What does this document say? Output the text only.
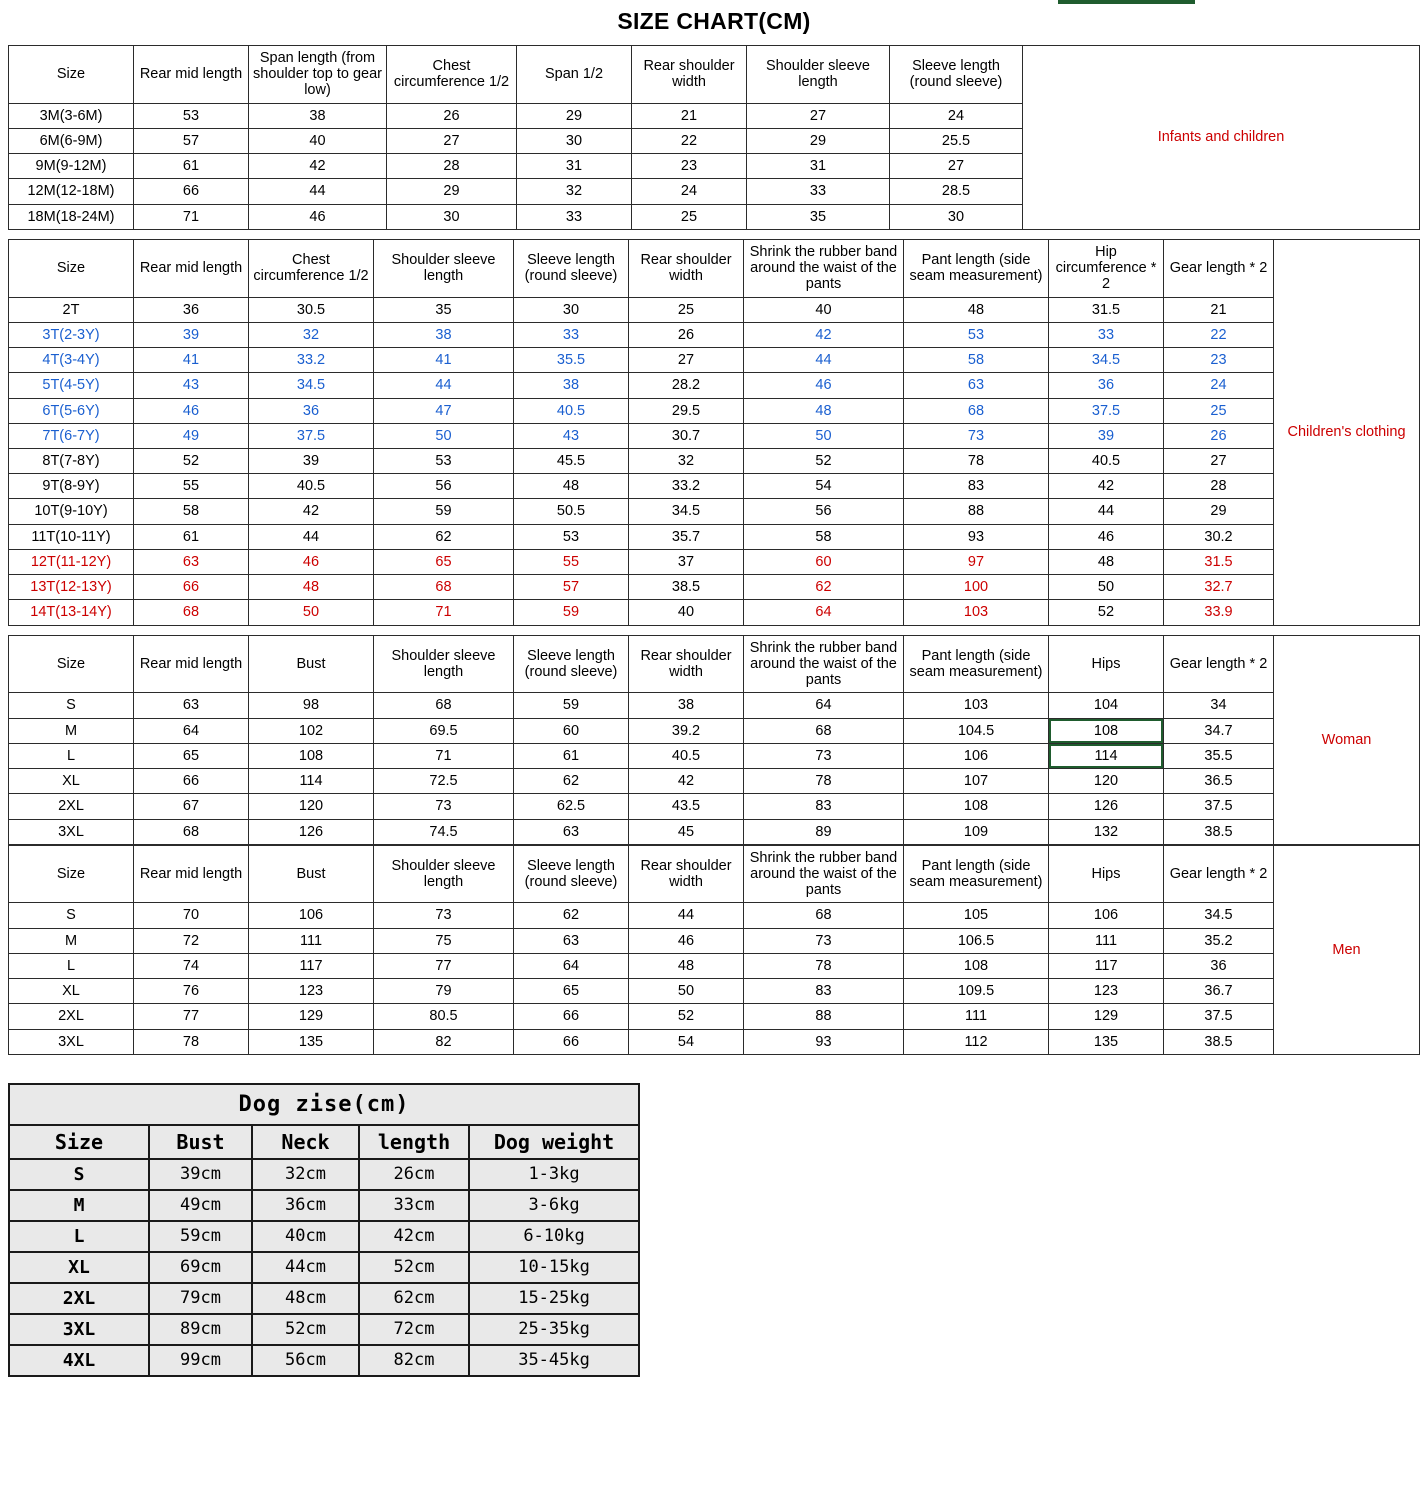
SIZE CHART(CM)
Size	Rear mid length	Span length (from shoulder top to gear low)	Chest circumference 1/2	Span 1/2	Rear shoulder width	Shoulder sleeve length	Sleeve length (round sleeve)	Infants and children
3M(3-6M)	53	38	26	29	21	27	24	
6M(6-9M)	57	40	27	30	22	29	25.5	
9M(9-12M)	61	42	28	31	23	31	27	
12M(12-18M)	66	44	29	32	24	33	28.5	
18M(18-24M)	71	46	30	33	25	35	30	
Size	Rear mid length	Chest circumference 1/2	Shoulder sleeve length	Sleeve length (round sleeve)	Rear shoulder width	Shrink the rubber band around the waist of the pants	Pant length (side seam measurement)	Hip circumference * 2	Gear length * 2	Children's clothing
2T	36	30.5	35	30	25	40	48	31.5	21	
3T(2-3Y)	39	32	38	33	26	42	53	33	22	
4T(3-4Y)	41	33.2	41	35.5	27	44	58	34.5	23	
5T(4-5Y)	43	34.5	44	38	28.2	46	63	36	24	
6T(5-6Y)	46	36	47	40.5	29.5	48	68	37.5	25	
7T(6-7Y)	49	37.5	50	43	30.7	50	73	39	26	
8T(7-8Y)	52	39	53	45.5	32	52	78	40.5	27	
9T(8-9Y)	55	40.5	56	48	33.2	54	83	42	28	
10T(9-10Y)	58	42	59	50.5	34.5	56	88	44	29	
11T(10-11Y)	61	44	62	53	35.7	58	93	46	30.2	
12T(11-12Y)	63	46	65	55	37	60	97	48	31.5	
13T(12-13Y)	66	48	68	57	38.5	62	100	50	32.7	
14T(13-14Y)	68	50	71	59	40	64	103	52	33.9	
Size	Rear mid length	Bust	Shoulder sleeve length	Sleeve length (round sleeve)	Rear shoulder width	Shrink the rubber band around the waist of the pants	Pant length (side seam measurement)	Hips	Gear length * 2	Woman
S	63	98	68	59	38	64	103	104	34	
M	64	102	69.5	60	39.2	68	104.5	108	34.7	
L	65	108	71	61	40.5	73	106	114	35.5	
XL	66	114	72.5	62	42	78	107	120	36.5	
2XL	67	120	73	62.5	43.5	83	108	126	37.5	
3XL	68	126	74.5	63	45	89	109	132	38.5	
Size	Rear mid length	Bust	Shoulder sleeve length	Sleeve length (round sleeve)	Rear shoulder width	Shrink the rubber band around the waist of the pants	Pant length (side seam measurement)	Hips	Gear length * 2	Men
S	70	106	73	62	44	68	105	106	34.5	
M	72	111	75	63	46	73	106.5	111	35.2	
L	74	117	77	64	48	78	108	117	36	
XL	76	123	79	65	50	83	109.5	123	36.7	
2XL	77	129	80.5	66	52	88	111	129	37.5	
3XL	78	135	82	66	54	93	112	135	38.5	
Dog zise(cm)				
Size	Bust	Neck	length	Dog weight
S	39cm	32cm	26cm	1-3kg
M	49cm	36cm	33cm	3-6kg
L	59cm	40cm	42cm	6-10kg
XL	69cm	44cm	52cm	10-15kg
2XL	79cm	48cm	62cm	15-25kg
3XL	89cm	52cm	72cm	25-35kg
4XL	99cm	56cm	82cm	35-45kg
